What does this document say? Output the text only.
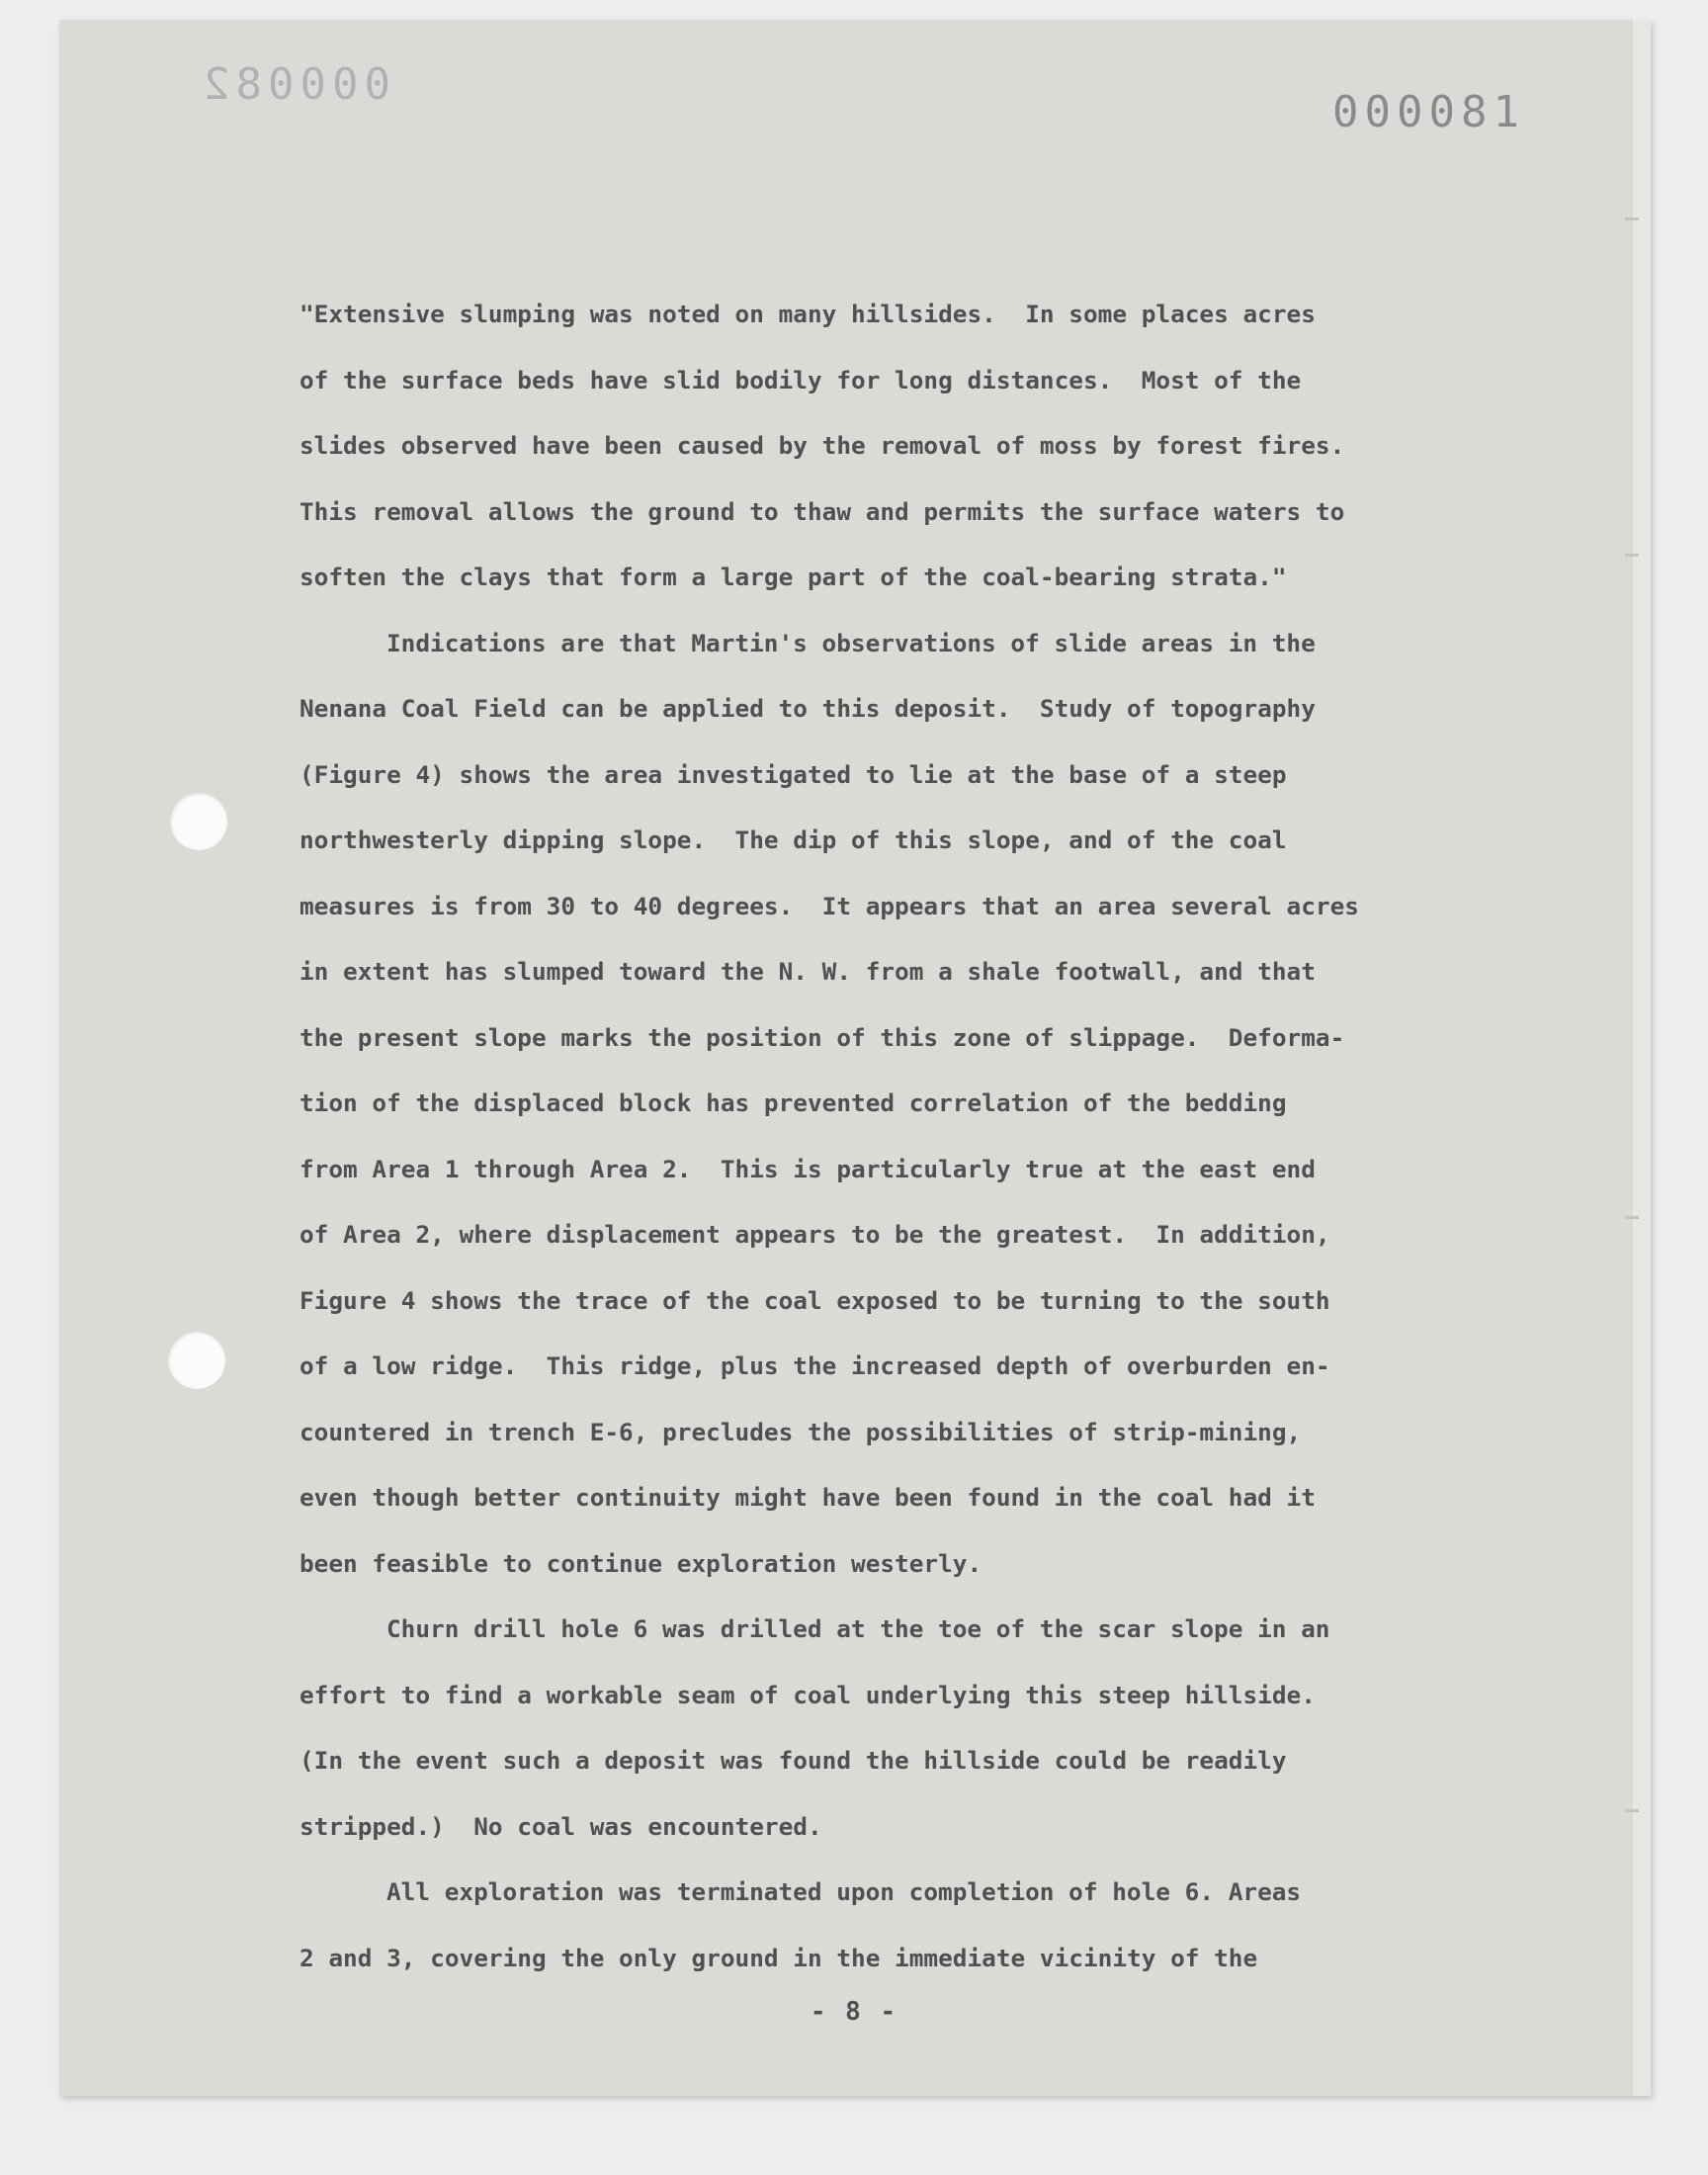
000082
000081

"Extensive slumping was noted on many hillsides.  In some places acres
of the surface beds have slid bodily for long distances.  Most of the
slides observed have been caused by the removal of moss by forest fires.
This removal allows the ground to thaw and permits the surface waters to
soften the clays that form a large part of the coal-bearing strata."

Indications are that Martin's observations of slide areas in the
Nenana Coal Field can be applied to this deposit.  Study of topography
(Figure 4) shows the area investigated to lie at the base of a steep
northwesterly dipping slope.  The dip of this slope, and of the coal
measures is from 30 to 40 degrees.  It appears that an area several acres
in extent has slumped toward the N. W. from a shale footwall, and that
the present slope marks the position of this zone of slippage.  Deforma-
tion of the displaced block has prevented correlation of the bedding
from Area 1 through Area 2.  This is particularly true at the east end
of Area 2, where displacement appears to be the greatest.  In addition,
Figure 4 shows the trace of the coal exposed to be turning to the south
of a low ridge.  This ridge, plus the increased depth of overburden en-
countered in trench E-6, precludes the possibilities of strip-mining,
even though better continuity might have been found in the coal had it
been feasible to continue exploration westerly.

Churn drill hole 6 was drilled at the toe of the scar slope in an
effort to find a workable seam of coal underlying this steep hillside.
(In the event such a deposit was found the hillside could be readily
stripped.)  No coal was encountered.

All exploration was terminated upon completion of hole 6. Areas
2 and 3, covering the only ground in the immediate vicinity of the

- 8 -
